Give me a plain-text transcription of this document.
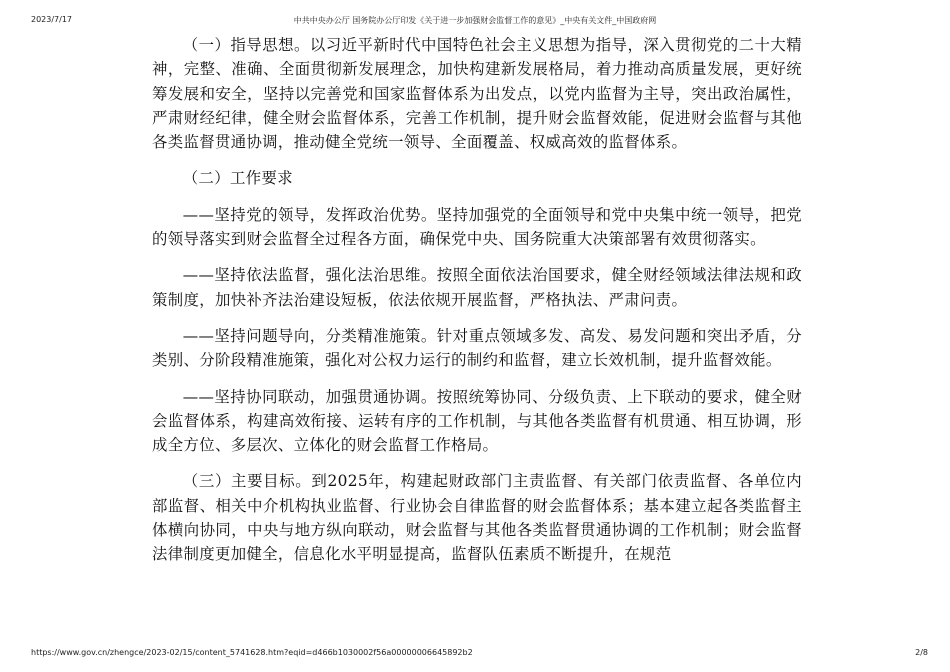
2023/7/17	中共中央办公厅 国务院办公厅印发《关于进一步加强财会监督工作的意见》_中央有关文件_中国政府网

（一）指导思想。以习近平新时代中国特色社会主义思想为指导，深入贯彻党的二十大精神，完整、准确、全面贯彻新发展理念，加快构建新发展格局，着力推动高质量发展，更好统筹发展和安全，坚持以完善党和国家监督体系为出发点，以党内监督为主导，突出政治属性，严肃财经纪律，健全财会监督体系，完善工作机制，提升财会监督效能，促进财会监督与其他各类监督贯通协调，推动健全党统一领导、全面覆盖、权威高效的监督体系。

（二）工作要求

——坚持党的领导，发挥政治优势。坚持加强党的全面领导和党中央集中统一领导，把党的领导落实到财会监督全过程各方面，确保党中央、国务院重大决策部署有效贯彻落实。

——坚持依法监督，强化法治思维。按照全面依法治国要求，健全财经领域法律法规和政策制度，加快补齐法治建设短板，依法依规开展监督，严格执法、严肃问责。

——坚持问题导向，分类精准施策。针对重点领域多发、高发、易发问题和突出矛盾，分类别、分阶段精准施策，强化对公权力运行的制约和监督，建立长效机制，提升监督效能。

——坚持协同联动，加强贯通协调。按照统筹协同、分级负责、上下联动的要求，健全财会监督体系，构建高效衔接、运转有序的工作机制，与其他各类监督有机贯通、相互协调，形成全方位、多层次、立体化的财会监督工作格局。

（三）主要目标。到2025年，构建起财政部门主责监督、有关部门依责监督、各单位内部监督、相关中介机构执业监督、行业协会自律监督的财会监督体系；基本建立起各类监督主体横向协同，中央与地方纵向联动，财会监督与其他各类监督贯通协调的工作机制；财会监督法律制度更加健全，信息化水平明显提高，监督队伍素质不断提升，在规范

https://www.gov.cn/zhengce/2023-02/15/content_5741628.htm?eqid=d466b1030002f56a00000006645892b2	2/8
